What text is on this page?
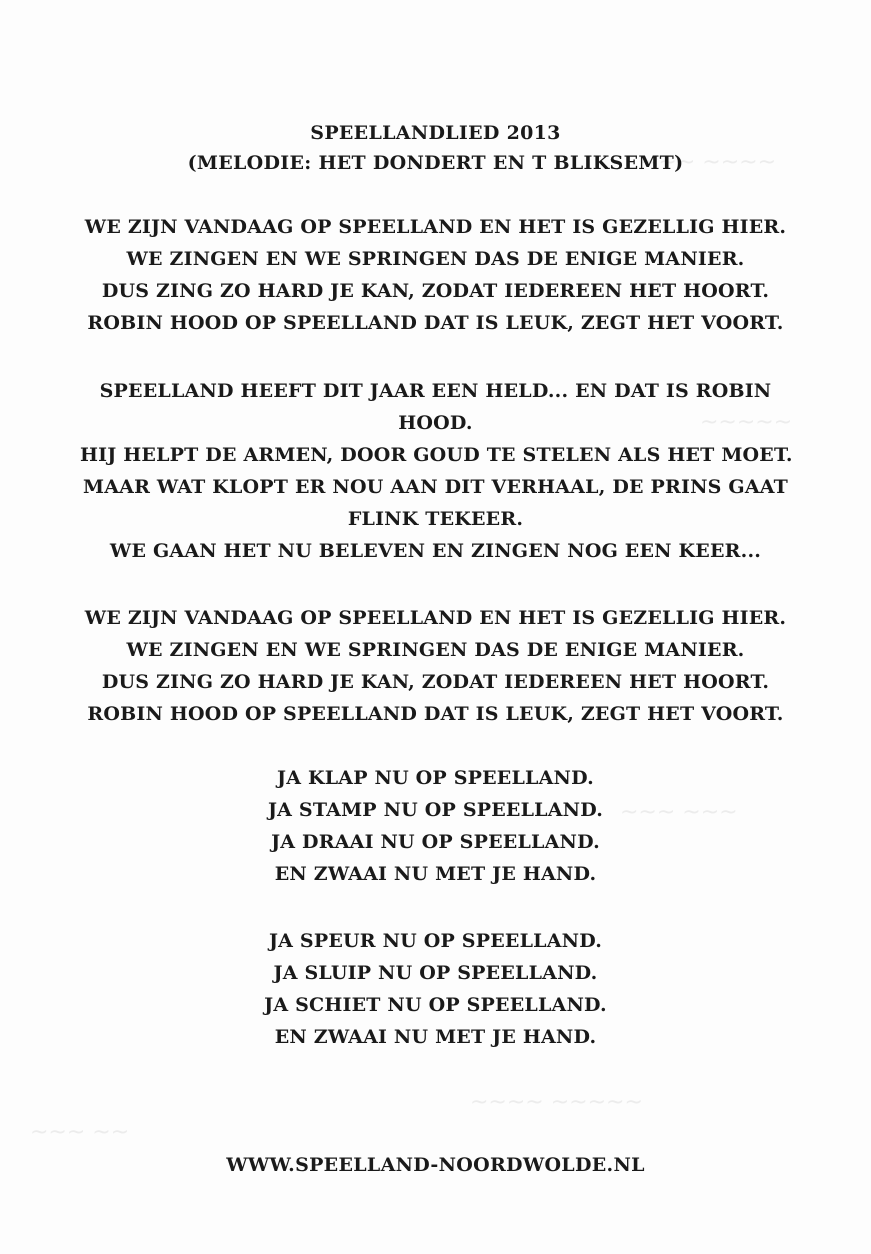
~~~ ~~~~
~~~~~
~~~ ~~~
~~~~ ~~~~~
~~~ ~~
SPEELLANDLIED 2013
(MELODIE: HET DONDERT EN T BLIKSEMT)
WE ZIJN VANDAAG OP SPEELLAND EN HET IS GEZELLIG HIER.
WE ZINGEN EN WE SPRINGEN DAS DE ENIGE MANIER.
DUS ZING ZO HARD JE KAN, ZODAT IEDEREEN HET HOORT.
ROBIN HOOD OP SPEELLAND DAT IS LEUK, ZEGT HET VOORT.
SPEELLAND HEEFT DIT JAAR EEN HELD... EN DAT IS ROBIN HOOD.
HIJ HELPT DE ARMEN, DOOR GOUD TE STELEN ALS HET MOET.
MAAR WAT KLOPT ER NOU AAN DIT VERHAAL, DE PRINS GAAT FLINK TEKEER.
WE GAAN HET NU BELEVEN EN ZINGEN NOG EEN KEER...
WE ZIJN VANDAAG OP SPEELLAND EN HET IS GEZELLIG HIER.
WE ZINGEN EN WE SPRINGEN DAS DE ENIGE MANIER.
DUS ZING ZO HARD JE KAN, ZODAT IEDEREEN HET HOORT.
ROBIN HOOD OP SPEELLAND DAT IS LEUK, ZEGT HET VOORT.
JA KLAP NU OP SPEELLAND.
JA STAMP NU OP SPEELLAND.
JA DRAAI NU OP SPEELLAND.
EN ZWAAI NU MET JE HAND.
JA SPEUR NU OP SPEELLAND.
JA SLUIP NU OP SPEELLAND.
JA SCHIET NU OP SPEELLAND.
EN ZWAAI NU MET JE HAND.
WWW.SPEELLAND-NOORDWOLDE.NL
